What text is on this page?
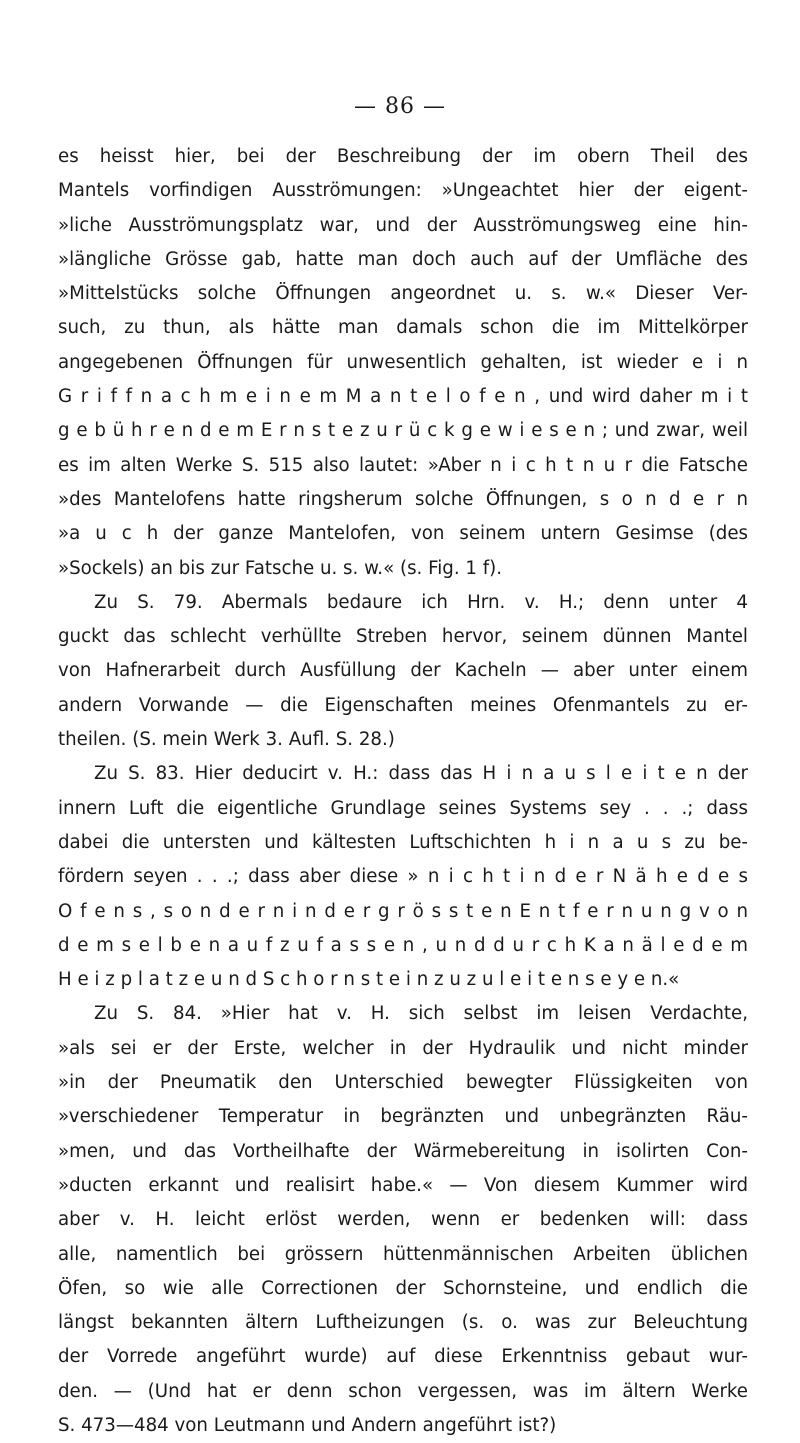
— 86 —
es heisst hier, bei der Beschreibung der im obern Theil des
Mantels vorfindigen Ausströmungen: »Ungeachtet hier der eigent-
»liche Ausströmungsplatz war, und der Ausströmungsweg eine hin-
»längliche Grösse gab, hatte man doch auch auf der Umfläche des
»Mittelstücks solche Öffnungen angeordnet u. s. w.« Dieser Ver-
such, zu thun, als hätte man damals schon die im Mittelkörper
angegebenen Öffnungen für unwesentlich gehalten, ist wieder e i n
G r i f f n a c h m e i n e m M a n t e l o f e n , und wird daher m i t
g e b ü h r e n d e m E r n s t e z u r ü c k g e w i e s e n ; und zwar, weil
es im alten Werke S. 515 also lautet: »Aber n i c h t n u r die Fatsche
»des Mantelofens hatte ringsherum solche Öffnungen, s o n d e r n
»a u c h der ganze Mantelofen, von seinem untern Gesimse (des
»Sockels) an bis zur Fatsche u. s. w.« (s. Fig. 1 f).
Zu S. 79. Abermals bedaure ich Hrn. v. H.; denn unter 4
guckt das schlecht verhüllte Streben hervor, seinem dünnen Mantel
von Hafnerarbeit durch Ausfüllung der Kacheln — aber unter einem
andern Vorwande — die Eigenschaften meines Ofenmantels zu er-
theilen. (S. mein Werk 3. Aufl. S. 28.)
Zu S. 83. Hier deducirt v. H.: dass das H i n a u s l e i t e n der
innern Luft die eigentliche Grundlage seines Systems sey . . .; dass
dabei die untersten und kältesten Luftschichten h i n a u s zu be-
fördern seyen . . .; dass aber diese » n i c h t i n d e r N ä h e d e s
O f e n s , s o n d e r n i n d e r g r ö s s t e n E n t f e r n u n g v o n
d e m s e l b e n a u f z u f a s s e n , u n d d u r c h K a n ä l e d e m
H e i z p l a t z e u n d S c h o r n s t e i n z u z u l e i t e n s e y e n.«
Zu S. 84. »Hier hat v. H. sich selbst im leisen Verdachte,
»als sei er der Erste, welcher in der Hydraulik und nicht minder
»in der Pneumatik den Unterschied bewegter Flüssigkeiten von
»verschiedener Temperatur in begränzten und unbegränzten Räu-
»men, und das Vortheilhafte der Wärmebereitung in isolirten Con-
»ducten erkannt und realisirt habe.« — Von diesem Kummer wird
aber v. H. leicht erlöst werden, wenn er bedenken will: dass
alle, namentlich bei grössern hüttenmännischen Arbeiten üblichen
Öfen, so wie alle Correctionen der Schornsteine, und endlich die
längst bekannten ältern Luftheizungen (s. o. was zur Beleuchtung
der Vorrede angeführt wurde) auf diese Erkenntniss gebaut wur-
den. — (Und hat er denn schon vergessen, was im ältern Werke
S. 473—484 von Leutmann und Andern angeführt ist?)
